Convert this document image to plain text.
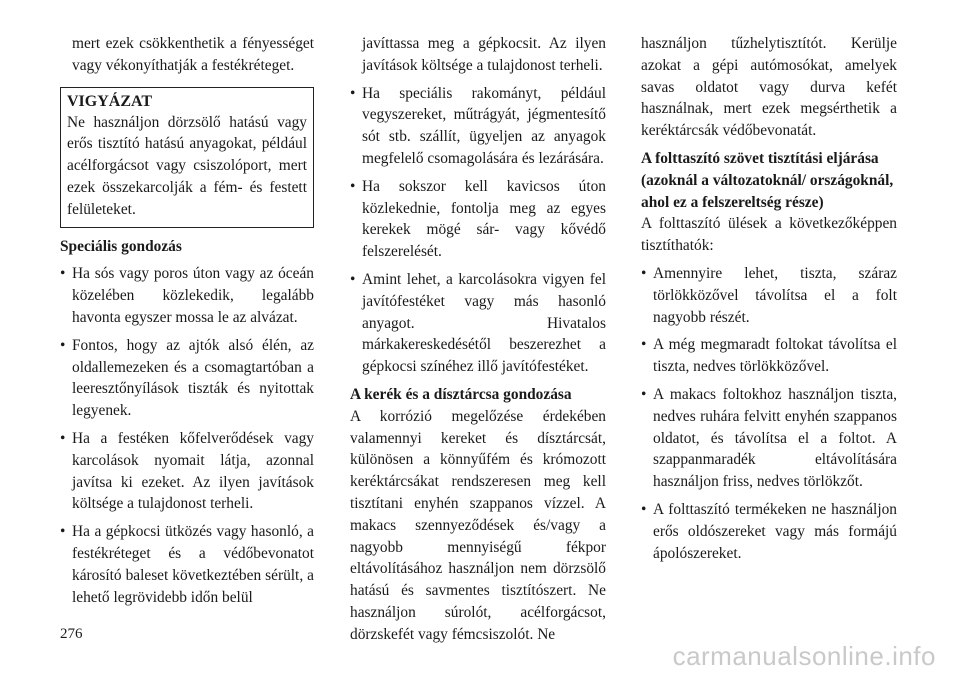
mert ezek csökkenthetik a fényességet vagy vékonyíthatják a festékréteget.

VIGYÁZAT

Ne használjon dörzsölő hatású vagy erős tisztító hatású anyagokat, például acélforgácsot vagy csiszolóport, mert ezek összekarcolják a fém- és festett felületeket.

Speciális gondozás

• Ha sós vagy poros úton vagy az óceán közelében közlekedik, legalább havonta egyszer mossa le az alvázat.
• Fontos, hogy az ajtók alsó élén, az oldallemezeken és a csomagtartóban a leeresztőnyílások tiszták és nyitottak legyenek.
• Ha a festéken kőfelverődések vagy karcolások nyomait látja, azonnal javítsa ki ezeket. Az ilyen javítások költsége a tulajdonost terheli.
• Ha a gépkocsi ütközés vagy hasonló, a festékréteget és a védőbevonatot károsító baleset következtében sérült, a lehető legrövidebb időn belül

javíttassa meg a gépkocsit. Az ilyen javítások költsége a tulajdonost terheli.

• Ha speciális rakományt, például vegyszereket, műtrágyát, jégmentesítő sót stb. szállít, ügyeljen az anyagok megfelelő csomagolására és lezárására.
• Ha sokszor kell kavicsos úton közlekednie, fontolja meg az egyes kerekek mögé sár- vagy kővédő felszerelését.
• Amint lehet, a karcolásokra vigyen fel javítófestéket vagy más hasonló anyagot. Hivatalos márkakereskedésétől beszerezhet a gépkocsi színéhez illő javítófestéket.

A kerék és a dísztárcsa gondozása

A korrózió megelőzése érdekében valamennyi kereket és dísztárcsát, különösen a könnyűfém és krómozott keréktárcsákat rendszeresen meg kell tisztítani enyhén szappanos vízzel. A makacs szennyeződések és/vagy a nagyobb mennyiségű fékpor eltávolításához használjon nem dörzsölő hatású és savmentes tisztítószert. Ne használjon súrolót, acélforgácsot, dörzskefét vagy fémcsiszolót. Ne

használjon tűzhelytisztítót. Kerülje azokat a gépi autómosókat, amelyek savas oldatot vagy durva kefét használnak, mert ezek megsérthetik a keréktárcsák védőbevonatát.

A folttaszító szövet tisztítási eljárása (azoknál a változatoknál/ országoknál, ahol ez a felszereltség része)

A folttaszító ülések a következőképpen tisztíthatók:

• Amennyire lehet, tiszta, száraz törlökközővel távolítsa el a folt nagyobb részét.
• A még megmaradt foltokat távolítsa el tiszta, nedves törlökközővel.
• A makacs foltokhoz használjon tiszta, nedves ruhára felvitt enyhén szappanos oldatot, és távolítsa el a foltot. A szappanmaradék eltávolítására használjon friss, nedves törlökzőt.
• A folttaszító termékeken ne használjon erős oldószereket vagy más formájú ápolószereket.
276
carmanualsonline.info
